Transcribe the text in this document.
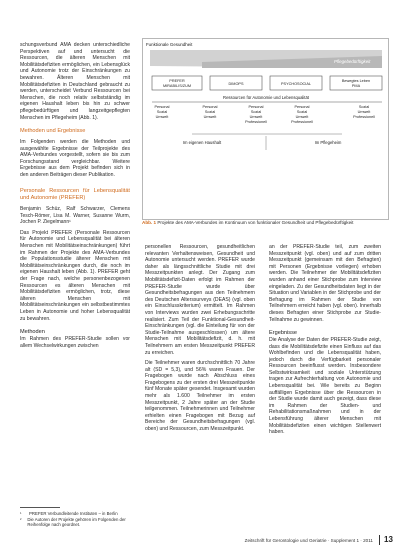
schungsverbund AMA decken unterschiedliche Perspektiven auf und untersucht die Ressourcen, die älteren Menschen mit Mobilitätsdefiziten ermöglichen, ein Lebensglück und Autonomie trotz der Einschränkungen zu bewahren. Älteren Menschen mit Mobilitätsdefiziten in Deutschland gebraucht zu werden, unterscheidet Verbund Ressourcen bei Menschen, die noch relativ selbstständig im eigenen Haushalt leben bis hin zu schwer pflegebedürftigen und langzeitgepflegten Menschen im Pflegeheim (Abb. 1).

Methoden und Ergebnisse

Im Folgenden werden die Methoden und ausgewählte Ergebnisse der Teilprojekte des AMA-Verbundes vorgestellt, sofern sie bis zum Forschungsstand vergleichbar. Weitere Ergebnisse aus dem Projekt befinden sich in den anderen Beiträgen dieser Publikation.

Personale Ressourcen für Lebensqualität und Autonomie (PREFER)

Benjamin Schüz, Ralf Schwarzer, Clemens Tesch-Römer, Lisa M. Warner, Susanne Wurm, Jochen P. Ziegelmann¹

Das Projekt PREFER (Personale Ressourcen für Autonomie und Lebensqualität bei älteren Menschen mit Mobilitätseinschränkungen) führt im Rahmen der Projekte des AMA-Verbundes die Populationsstudie älterer Menschen mit Mobilitätseinschränkungen durch, die noch im eigenen Haushalt leben (Abb. 1). PREFER geht der Frage nach, welche personenbezogenen Ressourcen es älteren Menschen mit Mobilitätsdefiziten ermöglichen, trotz, diese älteren Menschen mit Mobilitätseinschränkungen ein selbstbestimmtes Leben in Autonomie und hoher Lebensqualität zu bewahren.

Methoden

Im Rahmen des PREFER-Studie sollen vor allem Wechselwirkungen zwischen

¹	PREFER Verbundleitende Instituten – in Berlin
²	Die Autoren der Projekte gehören im Folgenden der Reihenfolge nach geordnet.
Funktionale Gesundheit
Pflegebedürftigkeit
PREFER
MIRABILIS/ZUM	DIMOPS	PSYCHOSOCIAL
Bewegtes Leben
PMA
Ressourcen für Autonomie und Lebensqualität
Personal
Sozial
Umwelt
Personal
Sozial
Umwelt
Personal
Sozial
Umwelt
Professionell
Personal
Sozial
Umwelt
Professionell
Sozial
Umwelt
Professionell
Im eigenen Haushalt	Im Pflegeheim
Abb. 1 Projekte des AMA-Verbundes im Kontinuum von funktionaler Gesundheit und Pflegebedürftigkeit

personellen Ressourcen, gesundheitlichen relevanten Verhaltensweisen, Gesundheit und Autonomie untersucht werden. PREFER wurde daher als längsschnittliche Studie mit drei Messzeitpunkten anlegt. Der Zugang zum Mobilitätsdefizit-Daten erfolgt im Rahmen der PREFER-Studie wurde über Gesundheitsbefragungen aus den Teilnehmern des Deutschen Alterssurveys (DEAS) (vgl. oben ein Einschlusskriterium) ermittelt. Im Rahmen von Interviews wurden zwei Erhebungsschritte realisiert. Zum Teil der Funktional-Gesundheit-Einschränkungen (vgl. die Einteilung für von der Studie-Teilnahme ausgeschlossen) um ältere Menschen mit Mobilitätsdefizit, d. h. mit Teilnehmern am ersten Messzeitpunkt PREFER zu erreichen.

Die Teilnehmer waren durchschnittlich 70 Jahre alt (SD = 5,3), und 56% waren Frauen. Der Fragebogen wurde nach Abschluss eines Fragebogens zu der ersten drei Messzeitpunkte fünf Monate später gesendet. Insgesamt wurden mehr als 1.600 Teilnehmer im ersten Messzeitpunkt, 2 Jahre später an der Studie teilgenommen. Teilnehmerinnen und Teilnehmer erhielten einen Fragebogen mit Bezug auf Bereiche der Gesundheitsbefragungen (vgl. oben) und Ressourcen, zum Messzeitpunkt.

an der PREFER-Studie teil, zum zweiten Messzeitpunkt (vgl. oben) und auf zum dritten Messzeitpunkt (gemeinsam mit den Befragten) mit Personen (Ergebnisse vorliegen) erhoben werden. Die Teilnehmer der Mobilitätsdefiziten wurden anhand einer Stichprobe zum Interview eingeladen. Zu der Gesundheitsdaten liegt in der Situation und Variablen in der Stichprobe und der Befragung im Rahmen der Studie von Teilnehmern erreicht haben (vgl. oben). Innerhalb dieses Befragten einer Stichprobe zur Studie-Teilnahme zu gewinnen.

Ergebnisse

Die Analyse der Daten der PREFER-Studie zeigt, dass die Mobilitätsdefizite einen Einfluss auf das Wohlbefinden und die Lebensqualität haben, jedoch durch die Verfügbarkeit personaler Ressourcen beeinflusst werden. Insbesondere Selbstwirksamkeit und soziale Unterstützung tragen zur Aufrechterhaltung von Autonomie und Lebensqualität bei. Wie bereits zu Beginn auffälligen Ergebnisse über die Ressourcen in der Studie wurde damit auch gezeigt, dass diese im Rahmen der Studien- und Rehabilitationsmaßnahmen und in der Lebensführung älterer Menschen mit Mobilitätsdefiziten einen wichtigen Stellenwert haben.

Zeitschrift für Gerontologie und Geriatrie · Supplement 1 · 2011 13
